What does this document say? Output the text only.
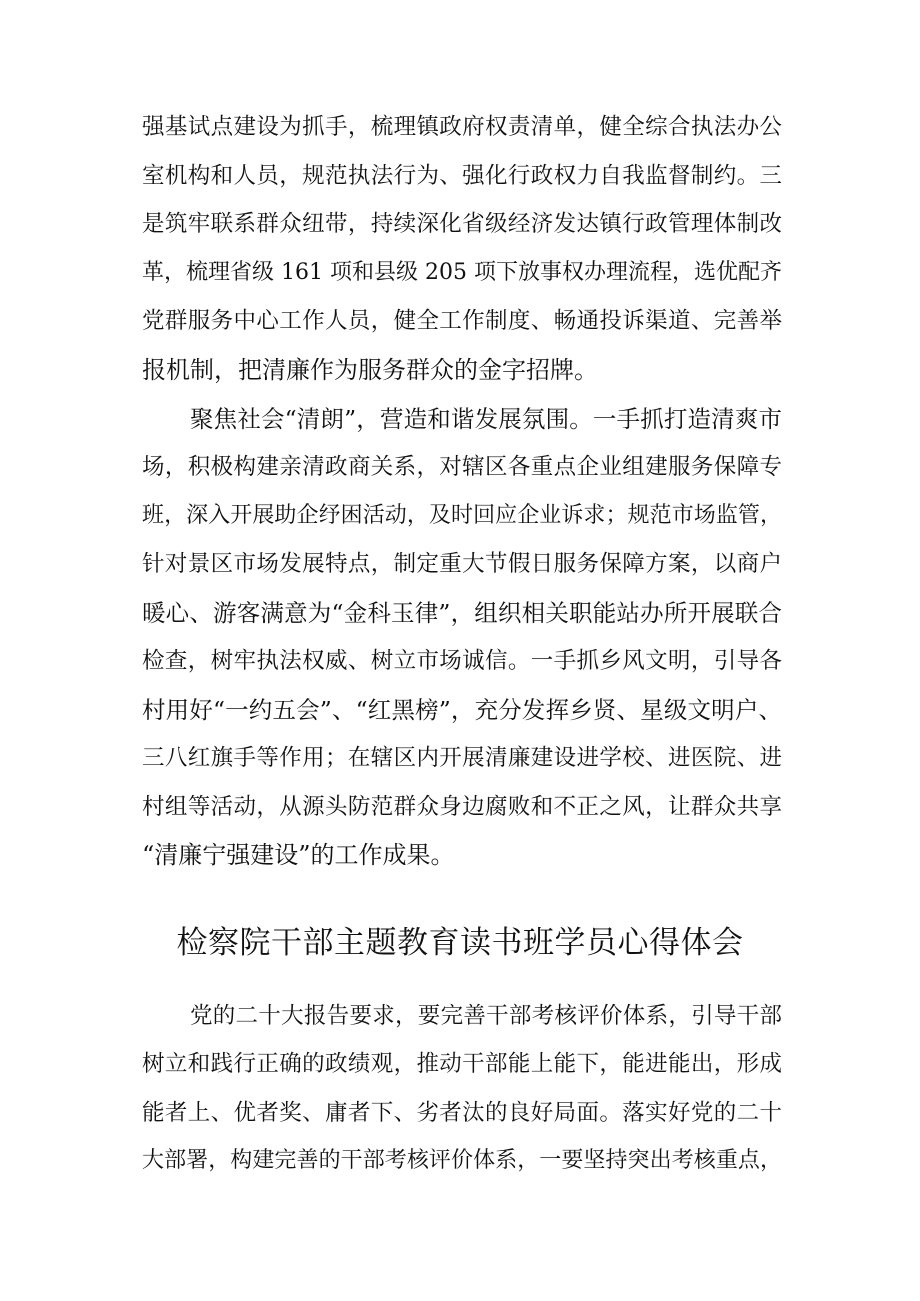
强基试点建设为抓手，梳理镇政府权责清单，健全综合执法办公
室机构和人员，规范执法行为、强化行政权力自我监督制约。三
是筑牢联系群众纽带，持续深化省级经济发达镇行政管理体制改
革，梳理省级 161 项和县级 205 项下放事权办理流程，选优配齐
党群服务中心工作人员，健全工作制度、畅通投诉渠道、完善举
报机制，把清廉作为服务群众的金字招牌。
聚焦社会“清朗”，营造和谐发展氛围。一手抓打造清爽市
场，积极构建亲清政商关系，对辖区各重点企业组建服务保障专
班，深入开展助企纾困活动，及时回应企业诉求；规范市场监管，
针对景区市场发展特点，制定重大节假日服务保障方案，以商户
暖心、游客满意为“金科玉律”，组织相关职能站办所开展联合
检查，树牢执法权威、树立市场诚信。一手抓乡风文明，引导各
村用好“一约五会”、“红黑榜”，充分发挥乡贤、星级文明户、
三八红旗手等作用；在辖区内开展清廉建设进学校、进医院、进
村组等活动，从源头防范群众身边腐败和不正之风，让群众共享
“清廉宁强建设”的工作成果。
检察院干部主题教育读书班学员心得体会
党的二十大报告要求，要完善干部考核评价体系，引导干部
树立和践行正确的政绩观，推动干部能上能下，能进能出，形成
能者上、优者奖、庸者下、劣者汰的良好局面。落实好党的二十
大部署，构建完善的干部考核评价体系，一要坚持突出考核重点，
